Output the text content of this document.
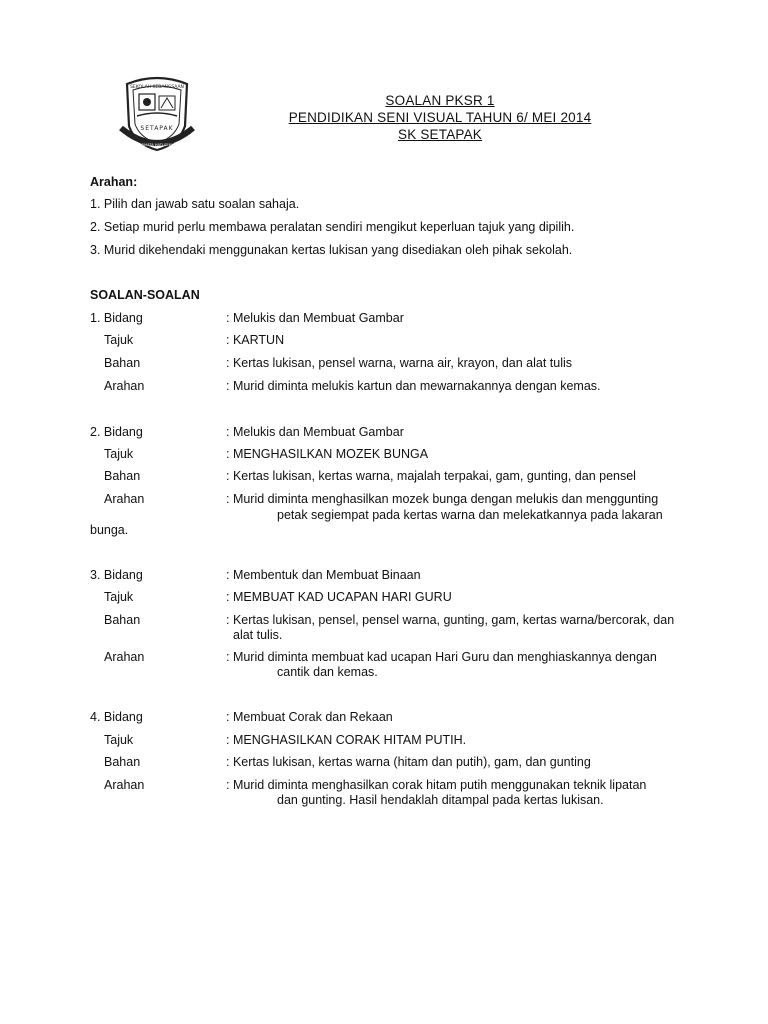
SEKOLAH KEBANGSAAN
SETAPAK
PERMATA HATI SEMUA
SOALAN PKSR 1
PENDIDIKAN SENI VISUAL TAHUN 6/ MEI 2014
SK SETAPAK
Arahan:
1. Pilih dan jawab satu soalan sahaja.
2. Setiap murid perlu membawa peralatan sendiri mengikut keperluan tajuk yang dipilih.
3. Murid dikehendaki menggunakan kertas lukisan yang disediakan oleh pihak sekolah.
SOALAN-SOALAN
1. Bidang	: Melukis dan Membuat Gambar
Tajuk	: KARTUN
Bahan	: Kertas lukisan, pensel warna, warna air, krayon, dan alat tulis
Arahan	: Murid diminta melukis kartun dan mewarnakannya dengan kemas.
2. Bidang	: Melukis dan Membuat Gambar
Tajuk	: MENGHASILKAN MOZEK BUNGA
Bahan	: Kertas lukisan, kertas warna, majalah terpakai, gam, gunting, dan pensel
Arahan	: Murid diminta menghasilkan mozek bunga dengan melukis dan menggunting
petak segiempat pada kertas warna dan melekatkannya pada lakaran
bunga.
3. Bidang	: Membentuk dan Membuat Binaan
Tajuk	: MEMBUAT KAD UCAPAN HARI GURU
Bahan	: Kertas lukisan, pensel, pensel warna, gunting, gam, kertas warna/bercorak, dan
alat tulis.
Arahan	: Murid diminta membuat kad ucapan Hari Guru dan menghiaskannya dengan
cantik dan kemas.
4. Bidang	: Membuat Corak dan Rekaan
Tajuk	: MENGHASILKAN CORAK HITAM PUTIH.
Bahan	: Kertas lukisan, kertas warna (hitam dan putih), gam, dan gunting
Arahan	: Murid diminta menghasilkan corak hitam putih menggunakan teknik lipatan
dan gunting. Hasil hendaklah ditampal pada kertas lukisan.
